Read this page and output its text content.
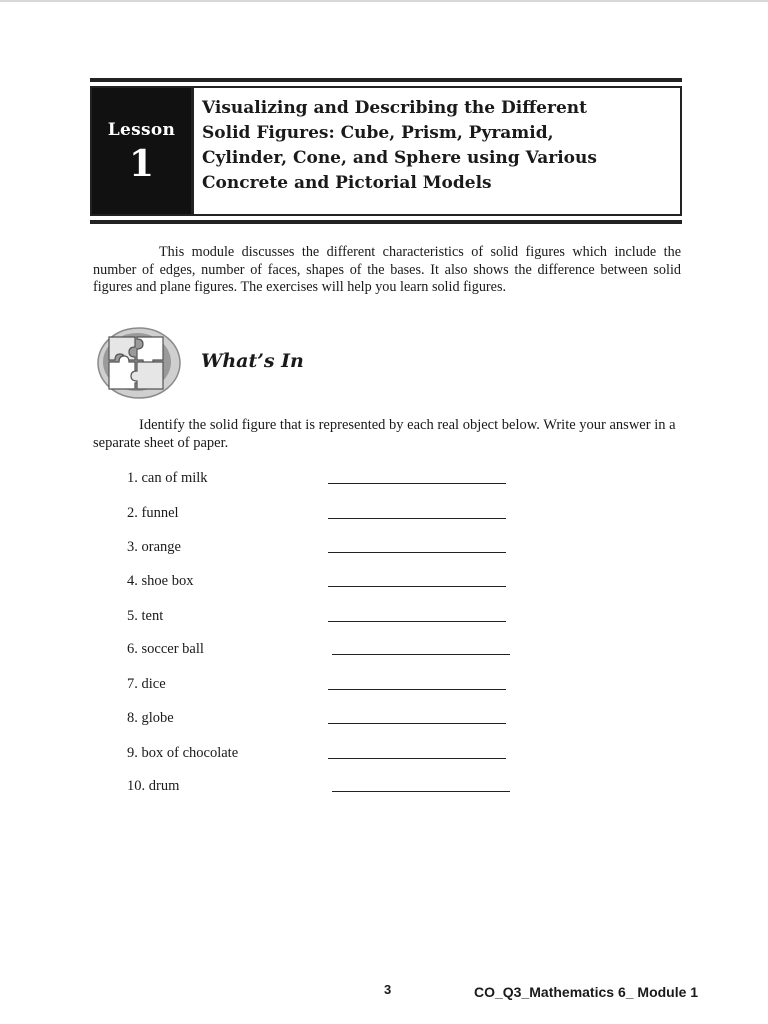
Lesson
1
Visualizing and Describing the Different
Solid Figures: Cube, Prism, Pyramid,
Cylinder, Cone, and Sphere using Various
Concrete and Pictorial Models

This module discusses the different characteristics of solid figures which include the number of edges, number of faces, shapes of the bases. It also shows the difference between solid figures and plane figures. The exercises will help you learn solid figures.

What’s In

Identify the solid figure that is represented by each real object below. Write your answer in a separate sheet of paper.

1. can of milk
2. funnel
3. orange
4. shoe box
5. tent
6. soccer ball
7. dice
8. globe
9. box of chocolate
10. drum
3	CO_Q3_Mathematics 6_ Module 1
